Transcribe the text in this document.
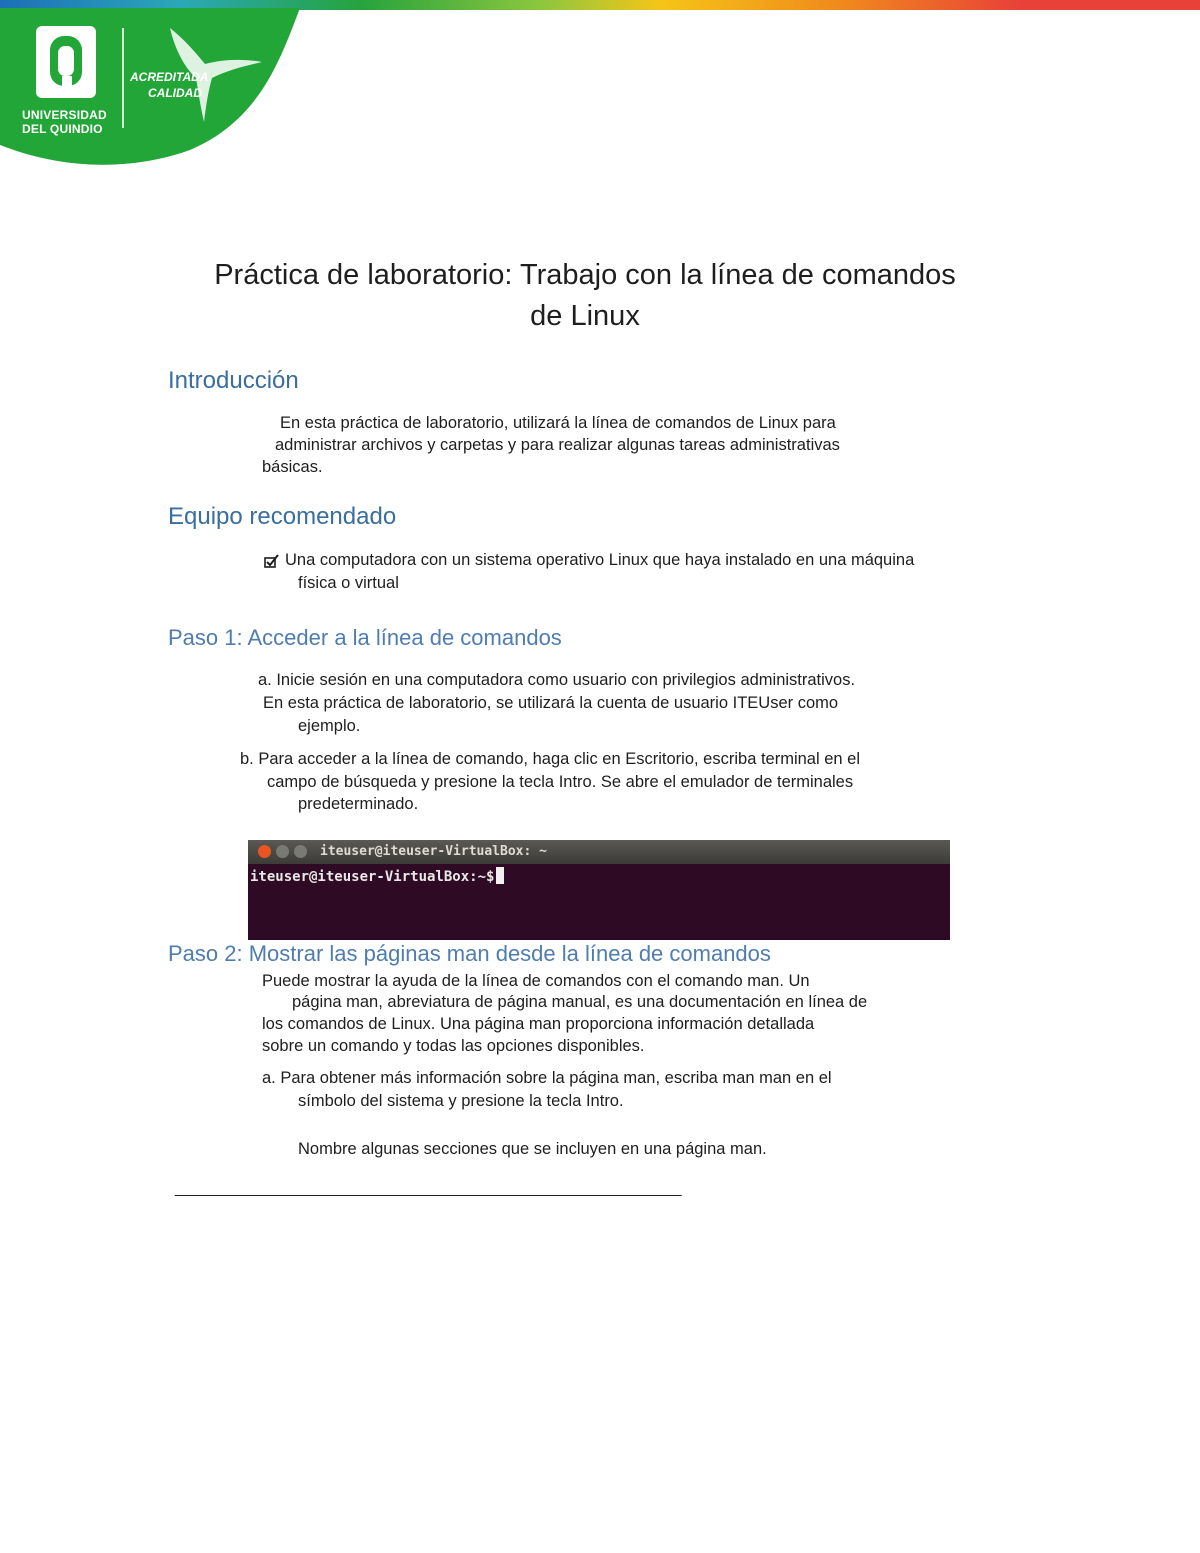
UNIVERSIDAD
DEL QUINDIO
ACREDITADA
CALIDAD
Práctica de laboratorio: Trabajo con la línea de comandos
de Linux
Introducción
En esta práctica de laboratorio, utilizará la línea de comandos de Linux para
administrar archivos y carpetas y para realizar algunas tareas administrativas
básicas.
Equipo recomendado
Una computadora con un sistema operativo Linux que haya instalado en una máquina
física o virtual
Paso 1: Acceder a la línea de comandos
a. Inicie sesión en una computadora como usuario con privilegios administrativos.
En esta práctica de laboratorio, se utilizará la cuenta de usuario ITEUser como
ejemplo.
b. Para acceder a la línea de comando, haga clic en Escritorio, escriba terminal en el
campo de búsqueda y presione la tecla Intro. Se abre el emulador de terminales
predeterminado.
iteuser@iteuser-VirtualBox: ~
iteuser@iteuser-VirtualBox:~$
Paso 2: Mostrar las páginas man desde la línea de comandos
Puede mostrar la ayuda de la línea de comandos con el comando man. Un
página man, abreviatura de página manual, es una documentación en línea de
los comandos de Linux. Una página man proporciona información detallada
sobre un comando y todas las opciones disponibles.
a. Para obtener más información sobre la página man, escriba man man en el
símbolo del sistema y presione la tecla Intro.
Nombre algunas secciones que se incluyen en una página man.
________________________________________________________________
